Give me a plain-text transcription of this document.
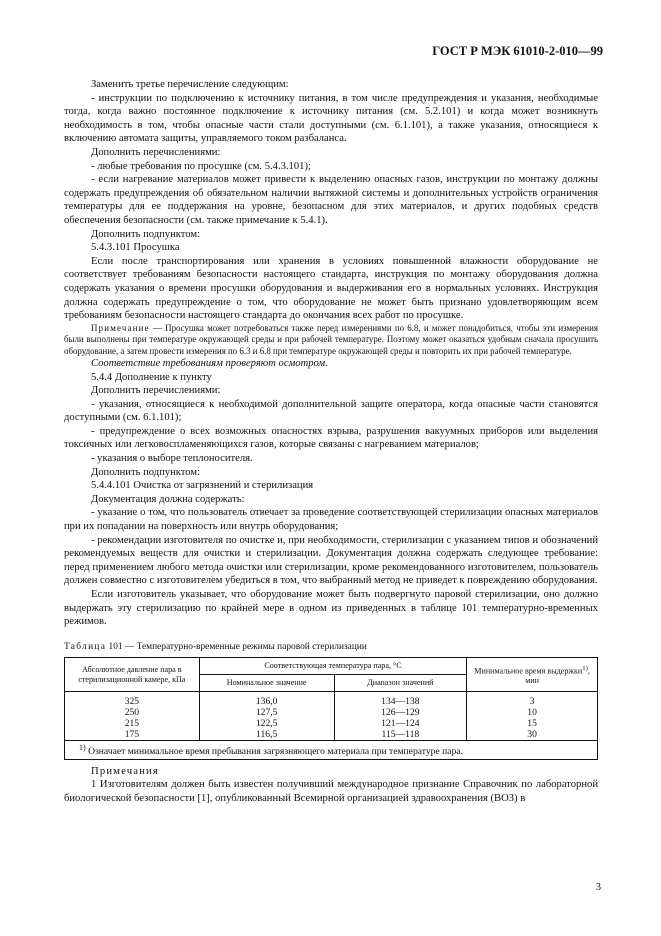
ГОСТ Р МЭК 61010-2-010—99

Заменить третье перечисление следующим:

- инструкции по подключению к источнику питания, в том числе предупреждения и указания, необходимые тогда, когда важно постоянное подключение к источнику питания (см. 5.2.101) и когда может возникнуть необходимость в том, чтобы опасные части стали доступными (см. 6.1.101), а также указания, относящиеся к включению автомата защиты, управляемого током разбаланса.

Дополнить перечислениями:

- любые требования по просушке (см. 5.4.3.101);

- если нагревание материалов может привести к выделению опасных газов, инструкции по монтажу должны содержать предупреждения об обязательном наличии вытяжной системы и дополнительных устройств ограничения температуры для ее поддержания на уровне, безопасном для этих материалов, и других подобных средств обеспечения безопасности (см. также примечание к 5.4.1).

Дополнить подпунктом:

5.4.3.101 Просушка

Если после транспортирования или хранения в условиях повышенной влажности оборудование не соответствует требованиям безопасности настоящего стандарта, инструкция по монтажу оборудования должна содержать указания о времени просушки оборудования и выдерживания его в нормальных условиях. Инструкция должна содержать предупреждение о том, что оборудование не может быть признано удовлетворяющим всем требованиям безопасности настоящего стандарта до окончания всех работ по просушке.

Примечание — Просушка может потребоваться также перед измерениями по 6.8, и может понадобиться, чтобы эти измерения были выполнены при температуре окружающей среды и при рабочей температуре. Поэтому может оказаться удобным сначала просушить оборудование, а затем провести измерения по 6.3 и 6.8 при температуре окружающей среды и повторить их при рабочей температуре.

Соответствие требованиям проверяют осмотром.

5.4.4 Дополнение к пункту

Дополнить перечислениями:

- указания, относящиеся к необходимой дополнительной защите оператора, когда опасные части становятся доступными (см. 6.1.101);

- предупреждение о всех возможных опасностях взрыва, разрушения вакуумных приборов или выделения токсичных или легковоспламеняющихся газов, которые связаны с нагреванием материалов;

- указания о выборе теплоносителя.

Дополнить подпунктом:

5.4.4.101 Очистка от загрязнений и стерилизация

Документация должна содержать:

- указание о том, что пользователь отвечает за проведение соответствующей стерилизации опасных материалов при их попадании на поверхность или внутрь оборудования;

- рекомендации изготовителя по очистке и, при необходимости, стерилизации с указанием типов и обозначений рекомендуемых веществ для очистки и стерилизации. Документация должна содержать следующее требование: перед применением любого метода очистки или стерилизации, кроме рекомендованного изготовителем, пользователь должен совместно с изготовителем убедиться в том, что выбранный метод не приведет к повреждению оборудования.

Если изготовитель указывает, что оборудование может быть подвергнуто паровой стерилизации, оно должно выдержать эту стерилизацию по крайней мере в одном из приведенных в таблице 101 температурно-временных режимов.

Таблица 101 — Температурно-временные режимы паровой стерилизации

Абсолютное давление пара в стерилизационной камере, кПа	Соответствующая температура пара, °С		Минимальное время выдержки$^{1)}$, мин
	Номинальное значение	Диапазон значений	
325	136,0	134—138	3
250	127,5	126—129	10
215	122,5	121—124	15
175	116,5	115—118	30
$^{1)}$ Означает минимальное время пребывания загрязняющего материала при температуре пара.			

Примечания

1 Изготовителям должен быть известен получивший международное признание Справочник по лабораторной биологической безопасности [1], опубликованный Всемирной организацией здравоохранения (ВОЗ) в

3
